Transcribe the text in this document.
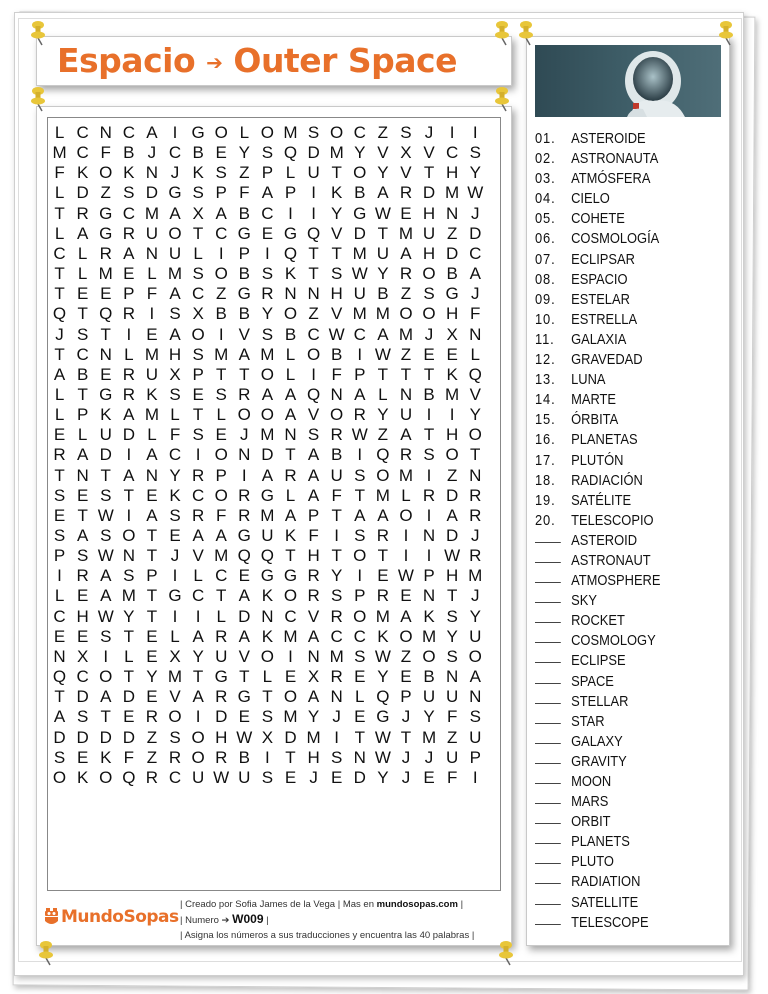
Espacio ➔ Outer Space
L C N C A I G O L O M S O C Z S J I	I
M C F B J C B E Y S Q D M Y V X V C S
F K O K N J K S Z P L U T O Y V T H Y
L D Z S D G S P F A P I K B A R D M W
T R G C M A X A B C I	I Y G W E H N J
L A G R U O T C G E G Q V D T M U Z D
C L R A N U L I P I Q T T M U A H D C
T L M E L M S O B S K T S W Y R O B A
T E E P F A C Z G R N N H U B Z S G J
Q T Q R I S X B B Y O Z V M M O O H F
J S T I E A O I V S B C W C A M J X N
T C N L M H S M A M L O B I W Z E E L
A B E R U X P T T O L I F P T T T K Q
L T G R K S E S R A A Q N A L N B M V
L P K A M L T L O O A V O R Y U I	I Y
E L U D L F S E J M N S R W Z A T H O
R A D I A C I O N D T A B I Q R S O T
T N T A N Y R P I A R A U S O M I Z N
S E S T E K C O R G L A F T M L R D R
E T W I A S R F R M A P T A A O I A R
S A S O T E A A G U K F I S R I N D J
P S W N T J V M Q Q T H T O T I	I W R
I R A S P I L C E G G R Y I E W P H M
L E A M T G C T A K O R S P R E N T J
C H W Y T I	I L D N C V R O M A K S Y
E E S T E L A R A K M A C C K O M Y U
N X I L E X Y U V O I N M S W Z O S O
Q C O T Y M T G T L E X R E Y E B N A
T D A D E V A R G T O A N L Q P U U N
A S T E R O I D E S M Y J E G J Y F S
D D D D Z S O H W X D M I T W T M Z U
S E K F Z R O R B I T H S N W J J U P
O K O Q R C U W U S E J E D Y J E F I
MundoSopas
| Creado por Sofia James de la Vega | Mas en mundosopas.com |
| Numero ➔ W009 |
| Asigna los números a sus traducciones y encuentra las 40 palabras |
01.	ASTEROIDE
02.	ASTRONAUTA
03.	ATMÓSFERA
04.	CIELO
05.	COHETE
06.	COSMOLOGÍA
07.	ECLIPSAR
08.	ESPACIO
09.	ESTELAR
10.	ESTRELLA
11.	GALAXIA
12.	GRAVEDAD
13.	LUNA
14.	MARTE
15.	ÓRBITA
16.	PLANETAS
17.	PLUTÓN
18.	RADIACIÓN
19.	SATÉLITE
20.	TELESCOPIO
ASTEROID
ASTRONAUT
ATMOSPHERE
SKY
ROCKET
COSMOLOGY
ECLIPSE
SPACE
STELLAR
STAR
GALAXY
GRAVITY
MOON
MARS
ORBIT
PLANETS
PLUTO
RADIATION
SATELLITE
TELESCOPE
